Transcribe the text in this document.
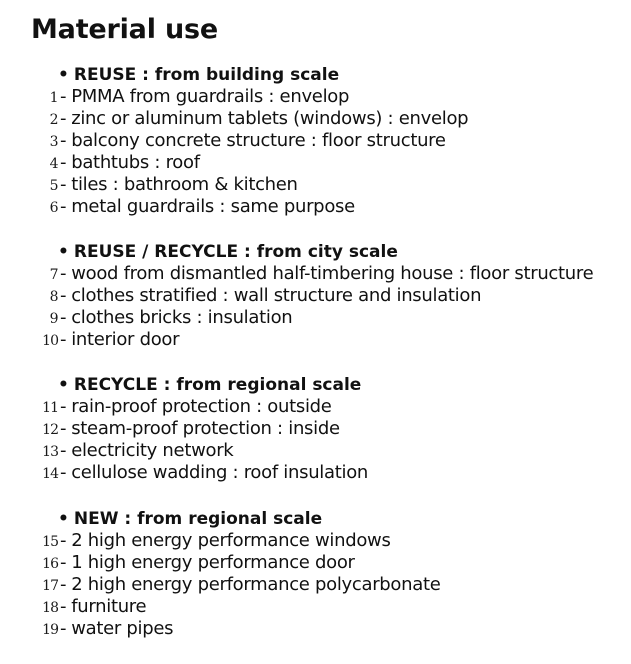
Material use
• REUSE : from building scale
1 - PMMA from guardrails : envelop
2 - zinc or aluminum tablets (windows) : envelop
3 - balcony concrete structure : floor structure
4 - bathtubs : roof
5 - tiles : bathroom & kitchen
6 - metal guardrails : same purpose
• REUSE / RECYCLE : from city scale
7 - wood from dismantled half-timbering house : floor structure
8 - clothes stratified : wall structure and insulation
9 - clothes bricks : insulation
10 - interior door
• RECYCLE : from regional scale
11 - rain-proof protection : outside
12 - steam-proof protection : inside
13 - electricity network
14 - cellulose wadding : roof insulation
• NEW : from regional scale
15 - 2 high energy performance windows
16 - 1 high energy performance door
17 - 2 high energy performance polycarbonate
18 - furniture
19 - water pipes
